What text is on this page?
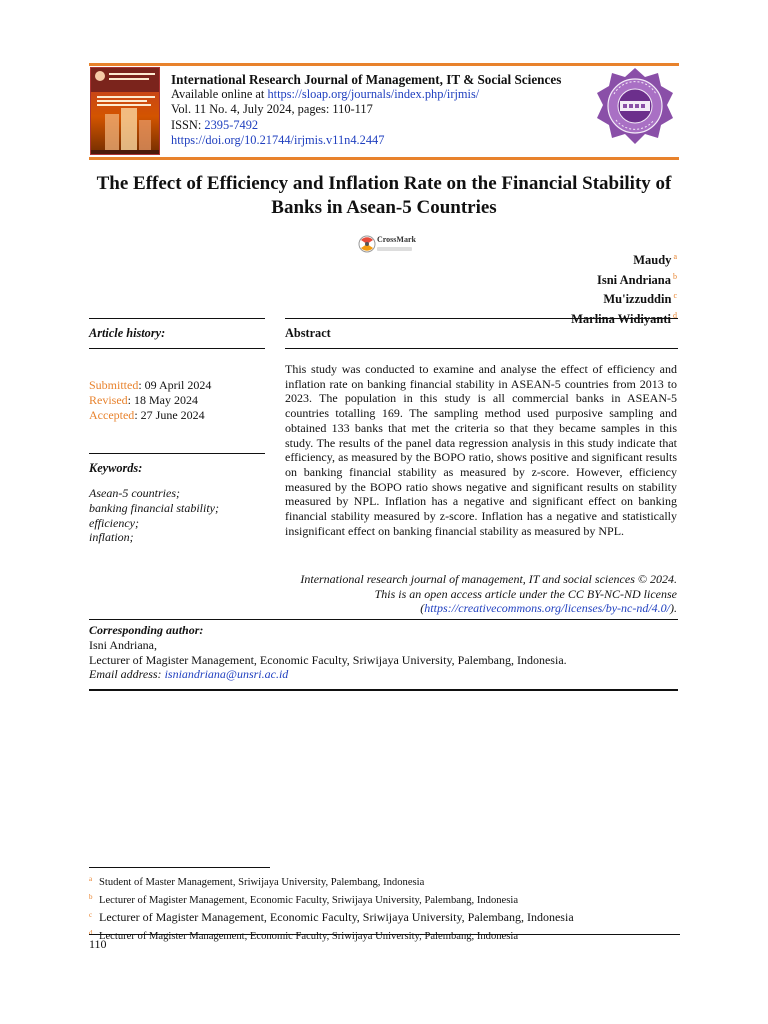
International Research Journal of Management, IT & Social Sciences
Available online at https://sloap.org/journals/index.php/irjmis/
Vol. 11 No. 4, July 2024, pages: 110-117
ISSN: 2395-7492
https://doi.org/10.21744/irjmis.v11n4.2447
The Effect of Efficiency and Inflation Rate on the Financial Stability of Banks in Asean-5 Countries
CrossMark
Maudy $^a$
Isni Andriana $^b$
Mu'izzuddin $^c$
Marlina Widiyanti $^d$
Article history:	Abstract
Submitted: 09 April 2024
Revised: 18 May 2024
Accepted: 27 June 2024
Keywords:
Asean-5 countries;
banking financial stability;
efficiency;
inflation;
This study was conducted to examine and analyse the effect of efficiency and inflation rate on banking financial stability in ASEAN-5 countries from 2013 to 2023. The population in this study is all commercial banks in ASEAN-5 countries totalling 169. The sampling method used purposive sampling and obtained 133 banks that met the criteria so that they became samples in this study. The results of the panel data regression analysis in this study indicate that efficiency, as measured by the BOPO ratio, shows positive and significant results on banking financial stability as measured by z-score. However, efficiency measured by the BOPO ratio shows negative and significant results on stability measured by NPL. Inflation has a negative and significant effect on banking financial stability measured by z-score. Inflation has a negative and statistically insignificant effect on banking financial stability as measured by NPL.
International research journal of management, IT and social sciences © 2024.
This is an open access article under the CC BY-NC-ND license
(https://creativecommons.org/licenses/by-nc-nd/4.0/).
Corresponding author:
Isni Andriana,
Lecturer of Magister Management, Economic Faculty, Sriwijaya University, Palembang, Indonesia.
Email address: isniandriana@unsri.ac.id
a Student of Master Management, Sriwijaya University, Palembang, Indonesia
b Lecturer of Magister Management, Economic Faculty, Sriwijaya University, Palembang, Indonesia
c Lecturer of Magister Management, Economic Faculty, Sriwijaya University, Palembang, Indonesia
d Lecturer of Magister Management, Economic Faculty, Sriwijaya University, Palembang, Indonesia
110
